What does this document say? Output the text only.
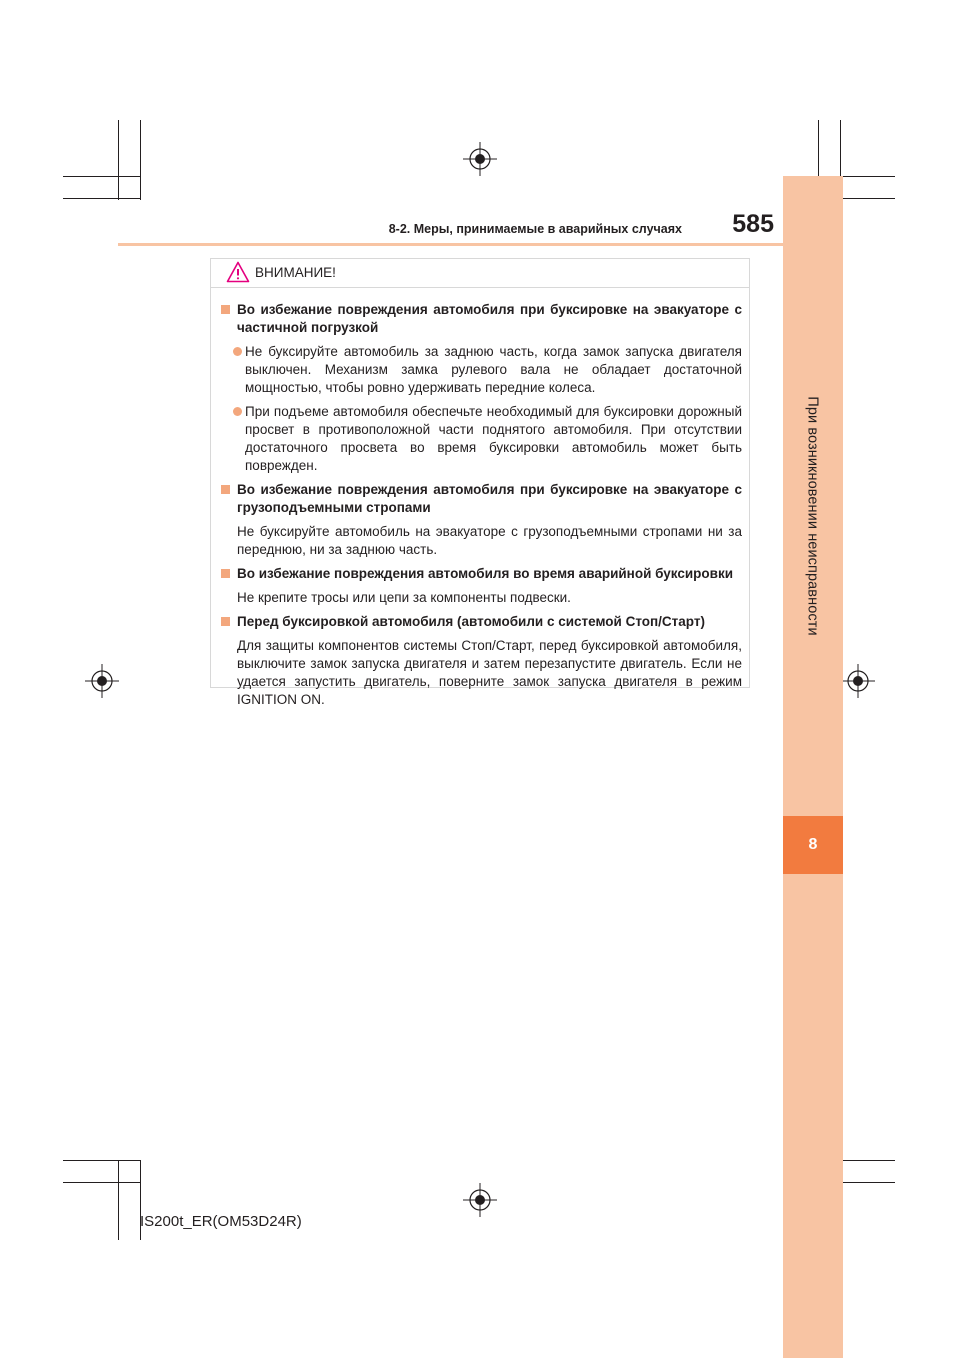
При возникновении неисправности
8
8-2. Меры, принимаемые в аварийных случаях	585
ВНИМАНИЕ!
Во избежание повреждения автомобиля при буксировке на эвакуаторе с частичной погрузкой
Не буксируйте автомобиль за заднюю часть, когда замок запуска двигателя выключен. Механизм замка рулевого вала не обладает достаточной мощностью, чтобы ровно удерживать передние колеса.
При подъеме автомобиля обеспечьте необходимый для буксировки дорожный просвет в противоположной части поднятого автомобиля. При отсутствии достаточного просвета во время буксировки автомобиль может быть поврежден.
Во избежание повреждения автомобиля при буксировке на эвакуаторе с грузоподъемными стропами
Не буксируйте автомобиль на эвакуаторе с грузоподъемными стропами ни за переднюю, ни за заднюю часть.
Во избежание повреждения автомобиля во время аварийной буксировки
Не крепите тросы или цепи за компоненты подвески.
Перед буксировкой автомобиля (автомобили с системой Стоп/Старт)
Для защиты компонентов системы Стоп/Старт, перед буксировкой автомобиля, выключите замок запуска двигателя и затем перезапустите двигатель. Если не удается запустить двигатель, поверните замок запуска двигателя в режим IGNITION ON.
IS200t_ER(OM53D24R)
